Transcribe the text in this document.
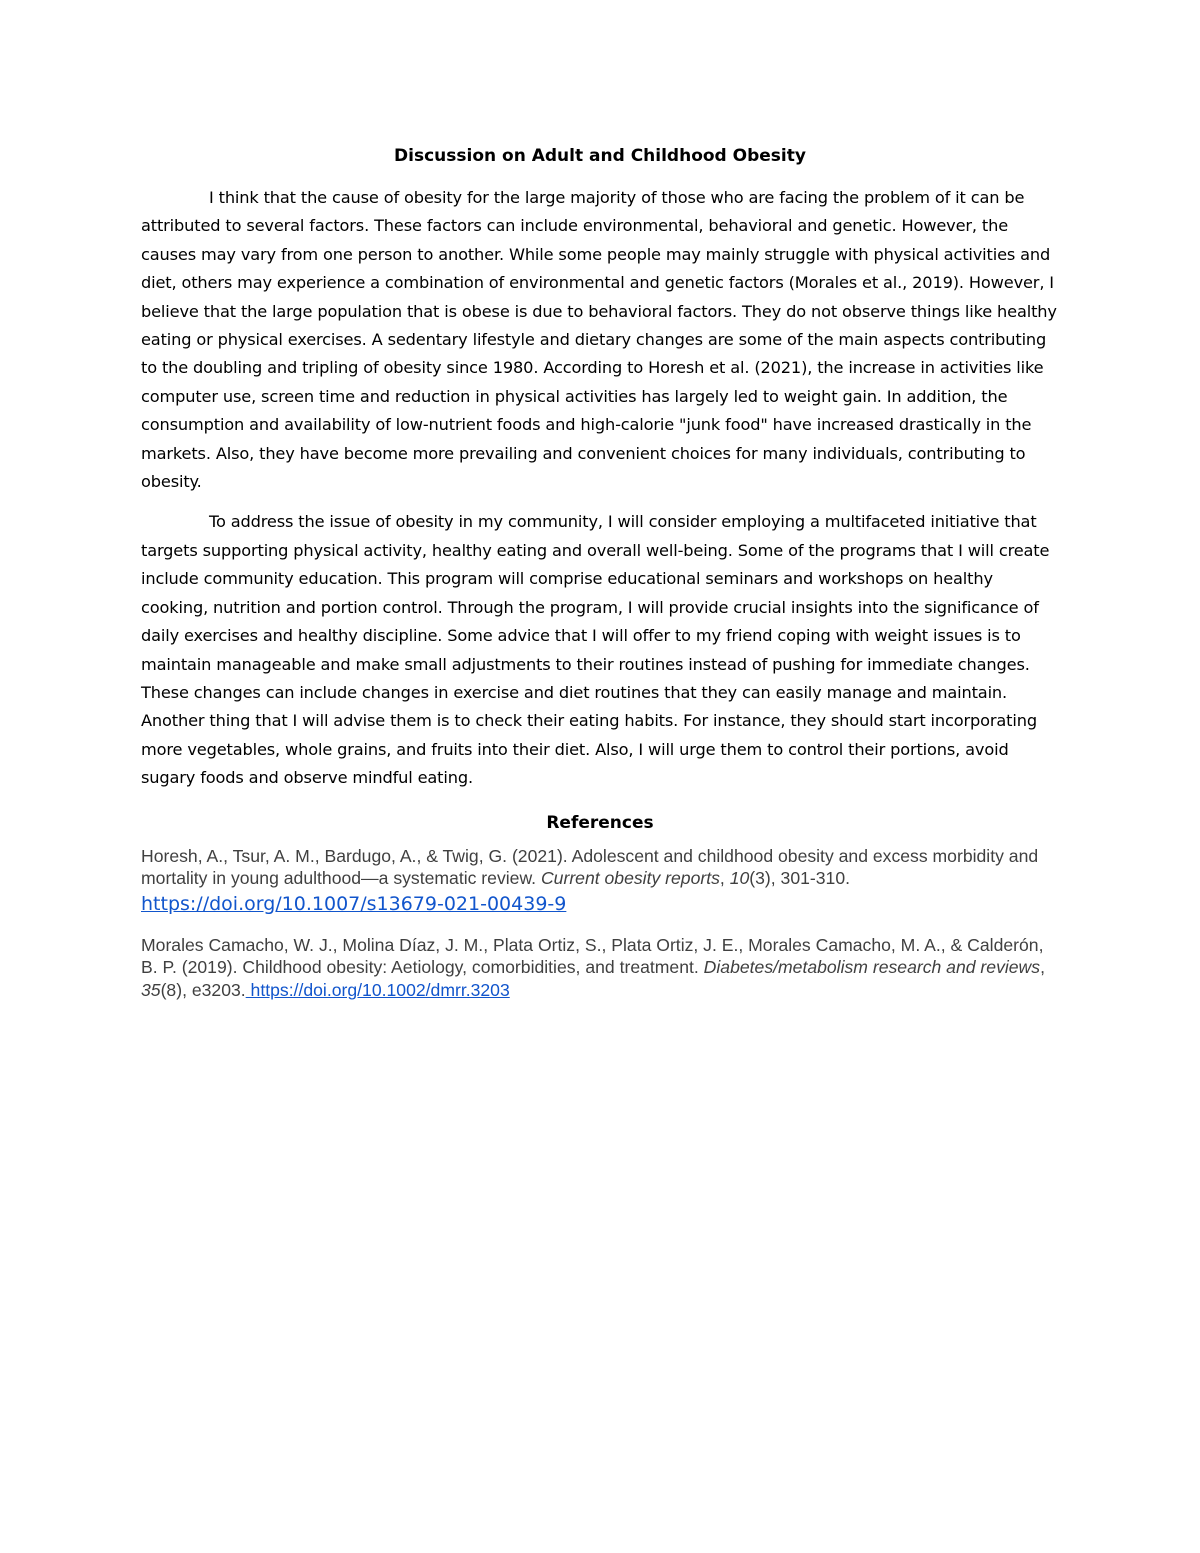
Discussion on Adult and Childhood Obesity

I think that the cause of obesity for the large majority of those who are facing the problem of it can be attributed to several factors. These factors can include environmental, behavioral and genetic. However, the causes may vary from one person to another. While some people may mainly struggle with physical activities and diet, others may experience a combination of environmental and genetic factors (Morales et al., 2019). However, I believe that the large population that is obese is due to behavioral factors. They do not observe things like healthy eating or physical exercises. A sedentary lifestyle and dietary changes are some of the main aspects contributing to the doubling and tripling of obesity since 1980. According to Horesh et al. (2021), the increase in activities like computer use, screen time and reduction in physical activities has largely led to weight gain. In addition, the consumption and availability of low-nutrient foods and high-calorie "junk food" have increased drastically in the markets. Also, they have become more prevailing and convenient choices for many individuals, contributing to obesity.

To address the issue of obesity in my community, I will consider employing a multifaceted initiative that targets supporting physical activity, healthy eating and overall well-being. Some of the programs that I will create include community education. This program will comprise educational seminars and workshops on healthy cooking, nutrition and portion control. Through the program, I will provide crucial insights into the significance of daily exercises and healthy discipline. Some advice that I will offer to my friend coping with weight issues is to maintain manageable and make small adjustments to their routines instead of pushing for immediate changes. These changes can include changes in exercise and diet routines that they can easily manage and maintain. Another thing that I will advise them is to check their eating habits. For instance, they should start incorporating more vegetables, whole grains, and fruits into their diet. Also, I will urge them to control their portions, avoid sugary foods and observe mindful eating.

References

Horesh, A., Tsur, A. M., Bardugo, A., & Twig, G. (2021). Adolescent and childhood obesity and excess morbidity and mortality in young adulthood—a systematic review. Current obesity reports, 10(3), 301-310.
https://doi.org/10.1007/s13679-021-00439-9

Morales Camacho, W. J., Molina Díaz, J. M., Plata Ortiz, S., Plata Ortiz, J. E., Morales Camacho, M. A., & Calderón, B. P. (2019). Childhood obesity: Aetiology, comorbidities, and treatment. Diabetes/metabolism research and reviews, 35(8), e3203. https://doi.org/10.1002/dmrr.3203
